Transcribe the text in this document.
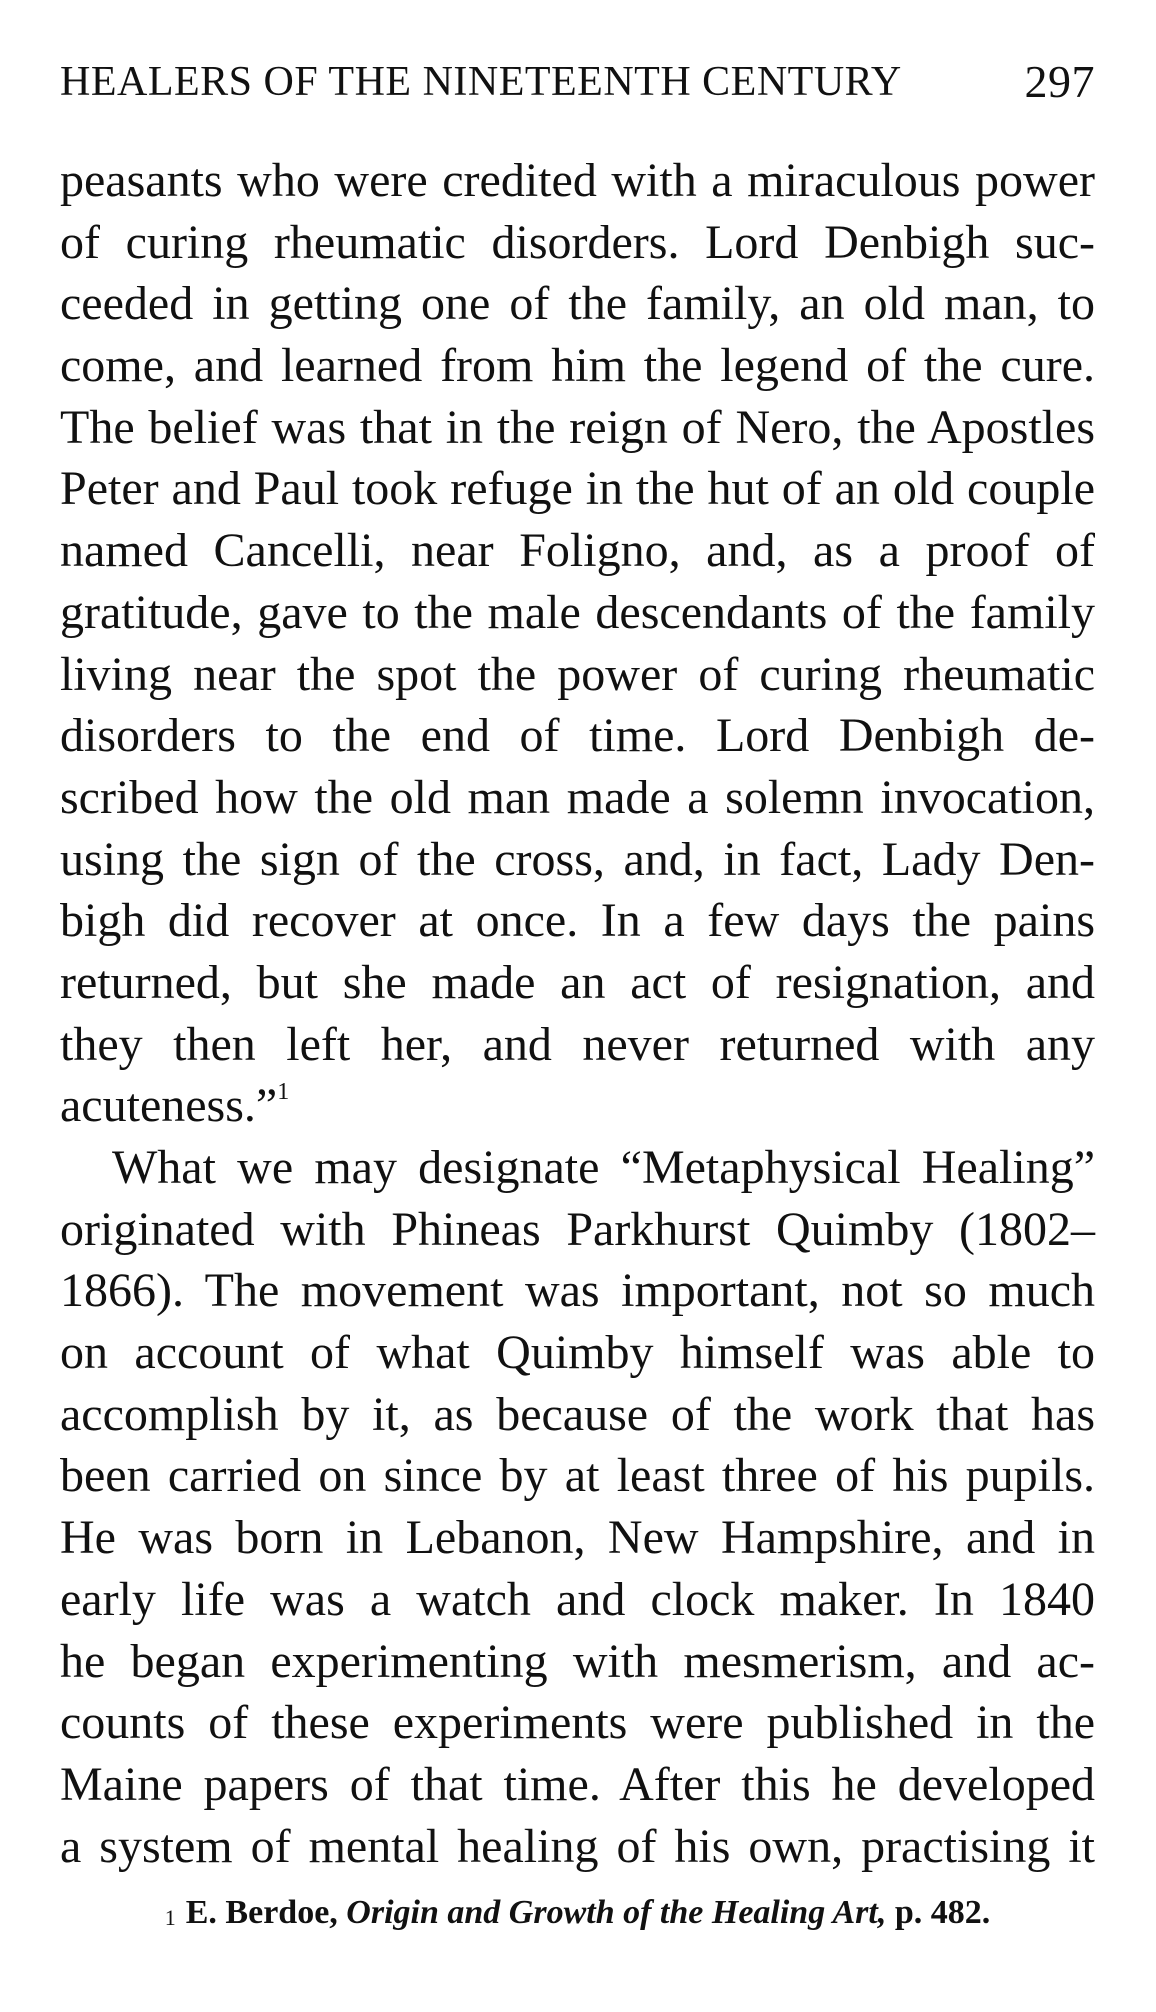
HEALERS OF THE NINETEENTH CENTURY	297
peasants who were credited with a miraculous power
of curing rheumatic disorders. Lord Denbigh suc-
ceeded in getting one of the family, an old man, to
come, and learned from him the legend of the cure.
The belief was that in the reign of Nero, the Apostles
Peter and Paul took refuge in the hut of an old couple
named Cancelli, near Foligno, and, as a proof of
gratitude, gave to the male descendants of the family
living near the spot the power of curing rheumatic
disorders to the end of time. Lord Denbigh de-
scribed how the old man made a solemn invocation,
using the sign of the cross, and, in fact, Lady Den-
bigh did recover at once. In a few days the pains
returned, but she made an act of resignation, and
they then left her, and never returned with any
acuteness.”$^1$
What we may designate “Metaphysical Healing”
originated with Phineas Parkhurst Quimby (1802–
1866). The movement was important, not so much
on account of what Quimby himself was able to
accomplish by it, as because of the work that has
been carried on since by at least three of his pupils.
He was born in Lebanon, New Hampshire, and in
early life was a watch and clock maker. In 1840
he began experimenting with mesmerism, and ac-
counts of these experiments were published in the
Maine papers of that time. After this he developed
a system of mental healing of his own, practising it
1 E. Berdoe, Origin and Growth of the Healing Art, p. 482.
